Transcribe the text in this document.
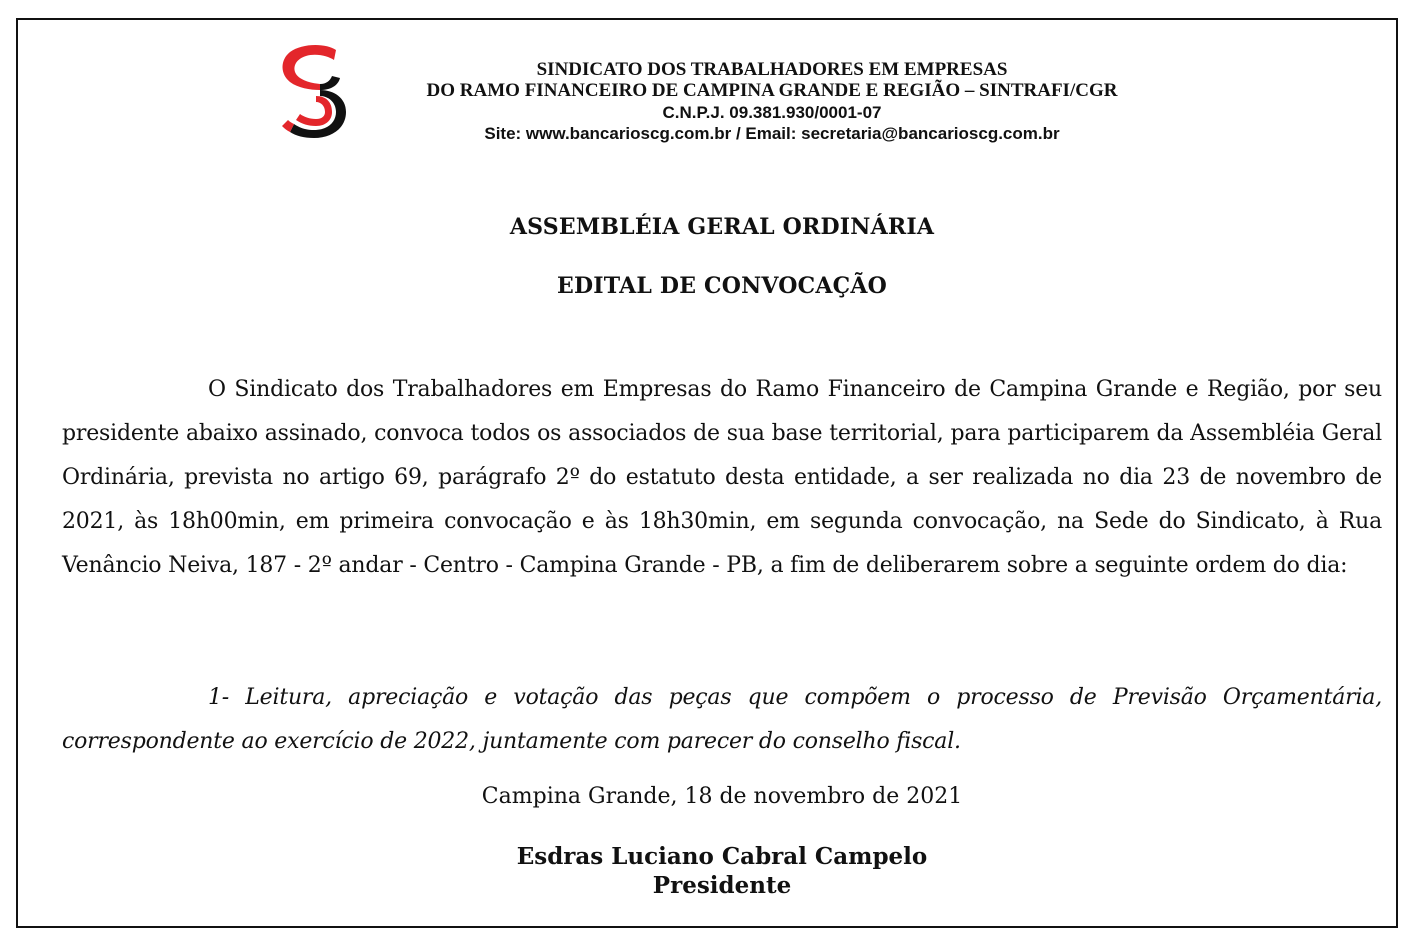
SINDICATO DOS TRABALHADORES EM EMPRESAS
DO RAMO FINANCEIRO DE CAMPINA GRANDE E REGIÃO – SINTRAFI/CGR
C.N.P.J. 09.381.930/0001-07
Site: www.bancarioscg.com.br / Email: secretaria@bancarioscg.com.br
ASSEMBLÉIA GERAL ORDINÁRIA
EDITAL DE CONVOCAÇÃO

O Sindicato dos Trabalhadores em Empresas do Ramo Financeiro de Campina Grande e Região, por seu presidente abaixo assinado, convoca todos os associados de sua base territorial, para participarem da Assembléia Geral Ordinária, prevista no artigo 69, parágrafo 2º do estatuto desta entidade, a ser realizada no dia 23 de novembro de 2021, às 18h00min, em primeira convocação e às 18h30min, em segunda convocação, na Sede do Sindicato, à Rua Venâncio Neiva, 187 - 2º andar - Centro - Campina Grande - PB, a fim de deliberarem sobre a seguinte ordem do dia:

1- Leitura, apreciação e votação das peças que compõem o processo de Previsão Orçamentária, correspondente ao exercício de 2022, juntamente com parecer do conselho fiscal.

Campina Grande, 18 de novembro de 2021
Esdras Luciano Cabral Campelo
Presidente
